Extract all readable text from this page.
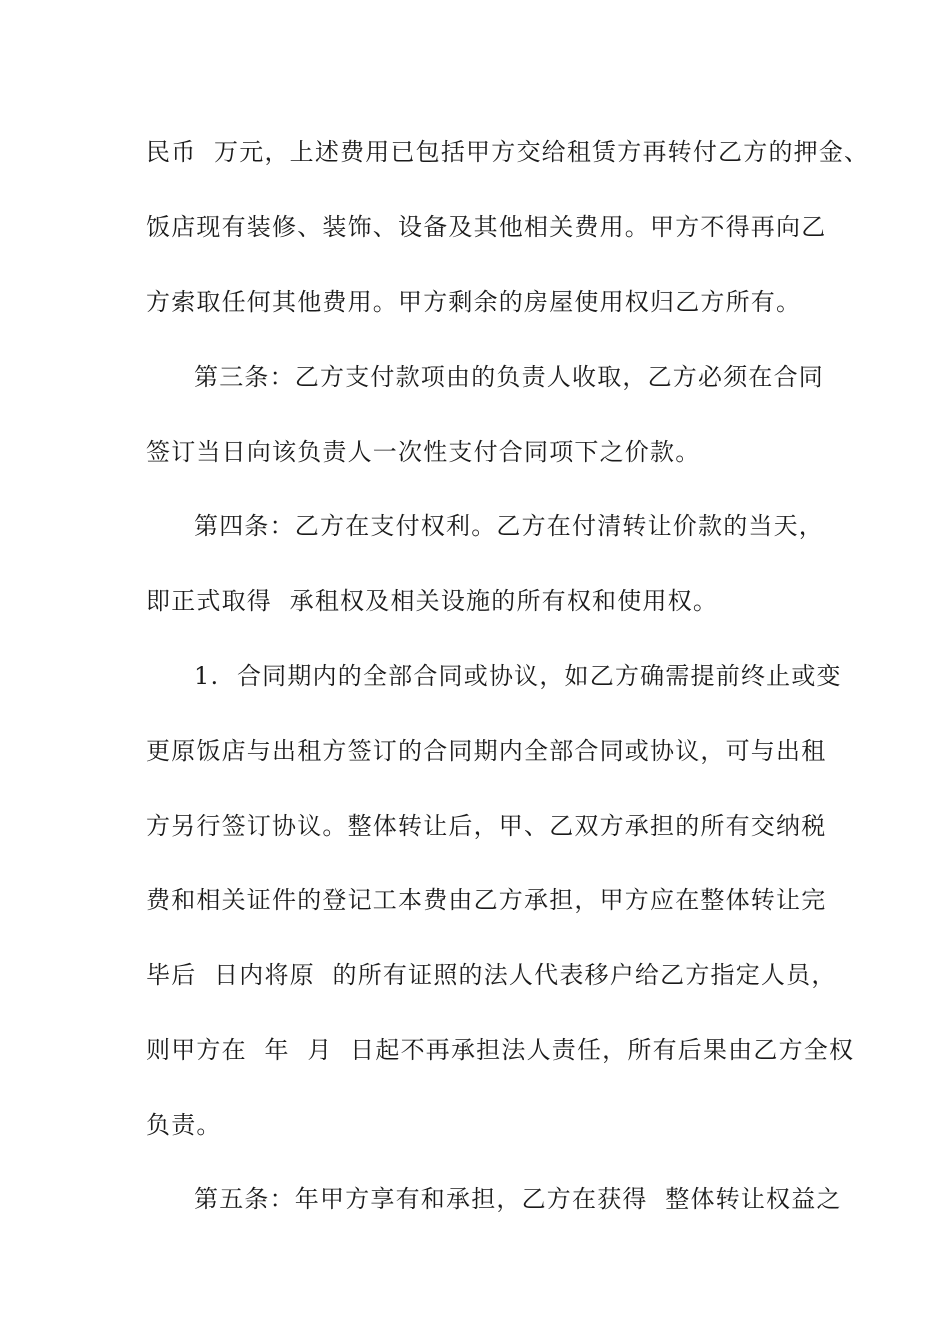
民币  万元，上述费用已包括甲方交给租赁方再转付乙方的押金、
饭店现有装修、装饰、设备及其他相关费用。甲方不得再向乙
方索取任何其他费用。甲方剩余的房屋使用权归乙方所有。
第三条：乙方支付款项由的负责人收取，乙方必须在合同
签订当日向该负责人一次性支付合同项下之价款。
第四条：乙方在支付权利。乙方在付清转让价款的当天，
即正式取得  承租权及相关设施的所有权和使用权。
1.  合同期内的全部合同或协议，如乙方确需提前终止或变
更原饭店与出租方签订的合同期内全部合同或协议，可与出租
方另行签订协议。整体转让后，甲、乙双方承担的所有交纳税
费和相关证件的登记工本费由乙方承担，甲方应在整体转让完
毕后  日内将原  的所有证照的法人代表移户给乙方指定人员，
则甲方在  年  月  日起不再承担法人责任，所有后果由乙方全权
负责。
第五条：年甲方享有和承担，乙方在获得  整体转让权益之
